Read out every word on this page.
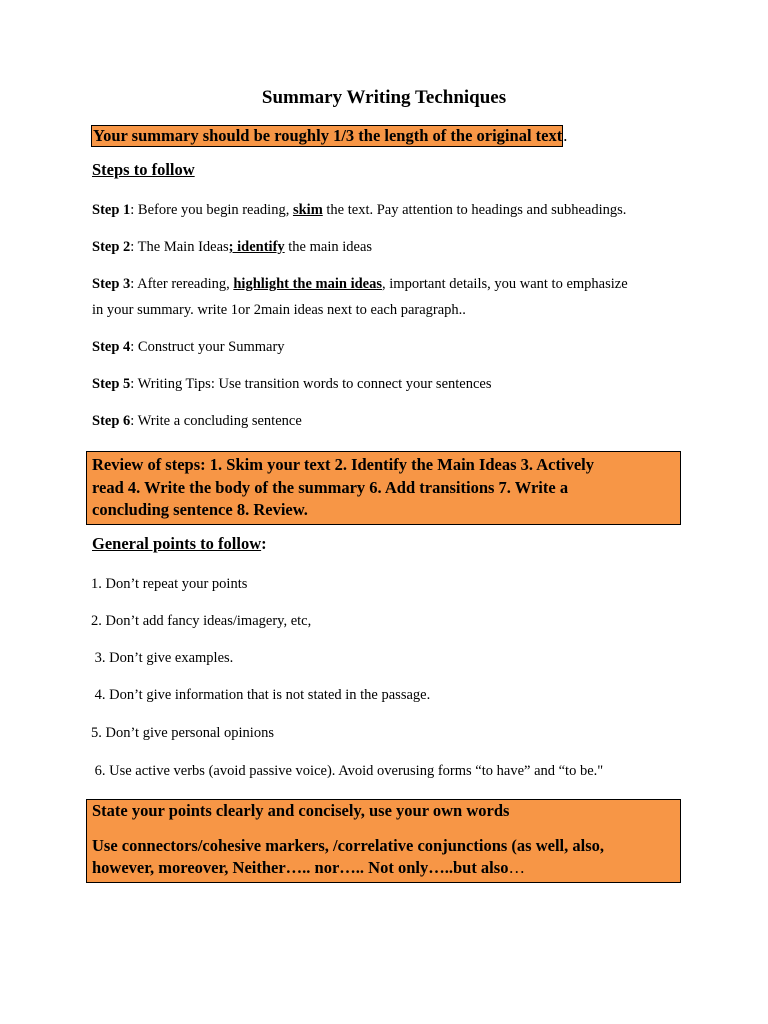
Summary Writing Techniques
Your summary should be roughly 1/3 the length of the original text.
Steps to follow
Step 1: Before you begin reading, skim the text. Pay attention to headings and subheadings.
Step 2: The Main Ideas; identify the main ideas
Step 3: After rereading, highlight the main ideas, important details, you want to emphasize
in your summary. write 1or 2main ideas next to each paragraph..
Step 4: Construct your Summary
Step 5: Writing Tips: Use transition words to connect your sentences
Step 6: Write a concluding sentence
Review of steps: 1. Skim your text 2. Identify the Main Ideas 3. Actively
read 4. Write the body of the summary 6. Add transitions 7. Write a
concluding sentence 8. Review.
General points to follow:
1. Don’t repeat your points
2. Don’t add fancy ideas/imagery, etc,
3. Don’t give examples.
4. Don’t give information that is not stated in the passage.
5. Don’t give personal opinions
6. Use active verbs (avoid passive voice). Avoid overusing forms “to have” and “to be."
State your points clearly and concisely, use your own words
Use connectors/cohesive markers, /correlative conjunctions (as well, also,
however, moreover, Neither….. nor….. Not only…..but also…
